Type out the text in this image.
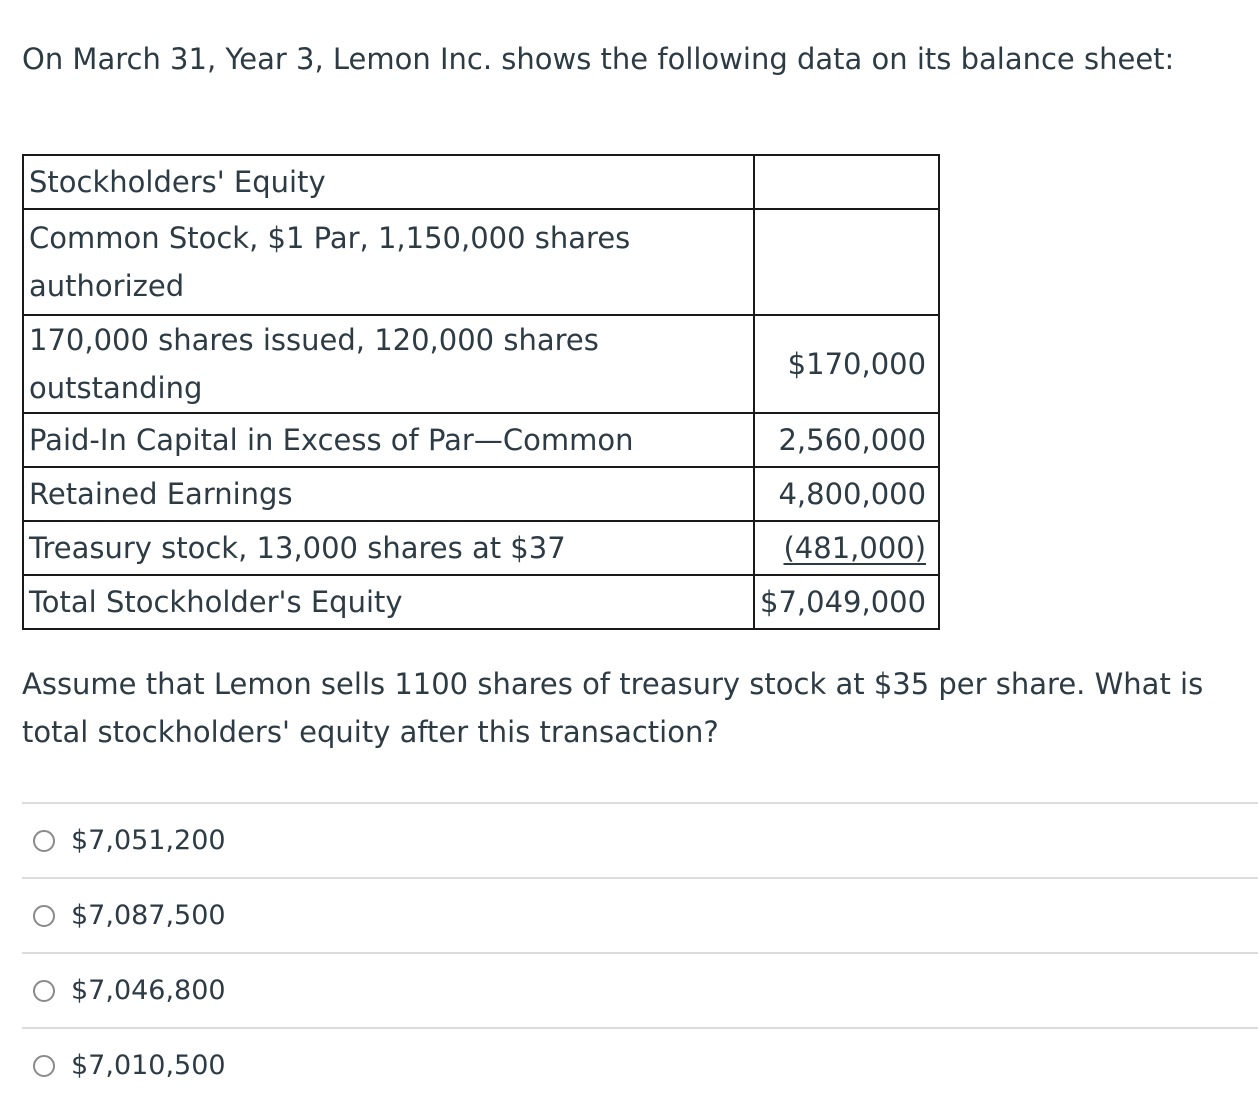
On March 31, Year 3, Lemon Inc. shows the following data on its balance sheet:

Stockholders' Equity	
Common Stock, $1 Par, 1,150,000 shares authorized	
170,000 shares issued, 120,000 shares outstanding	$170,000
Paid-In Capital in Excess of Par—Common	2,560,000
Retained Earnings	4,800,000
Treasury stock, 13,000 shares at $37	(481,000)
Total Stockholder's Equity	$7,049,000

Assume that Lemon sells 1100 shares of treasury stock at $35 per share. What is total stockholders' equity after this transaction?

$7,051,200
$7,087,500
$7,046,800
$7,010,500
